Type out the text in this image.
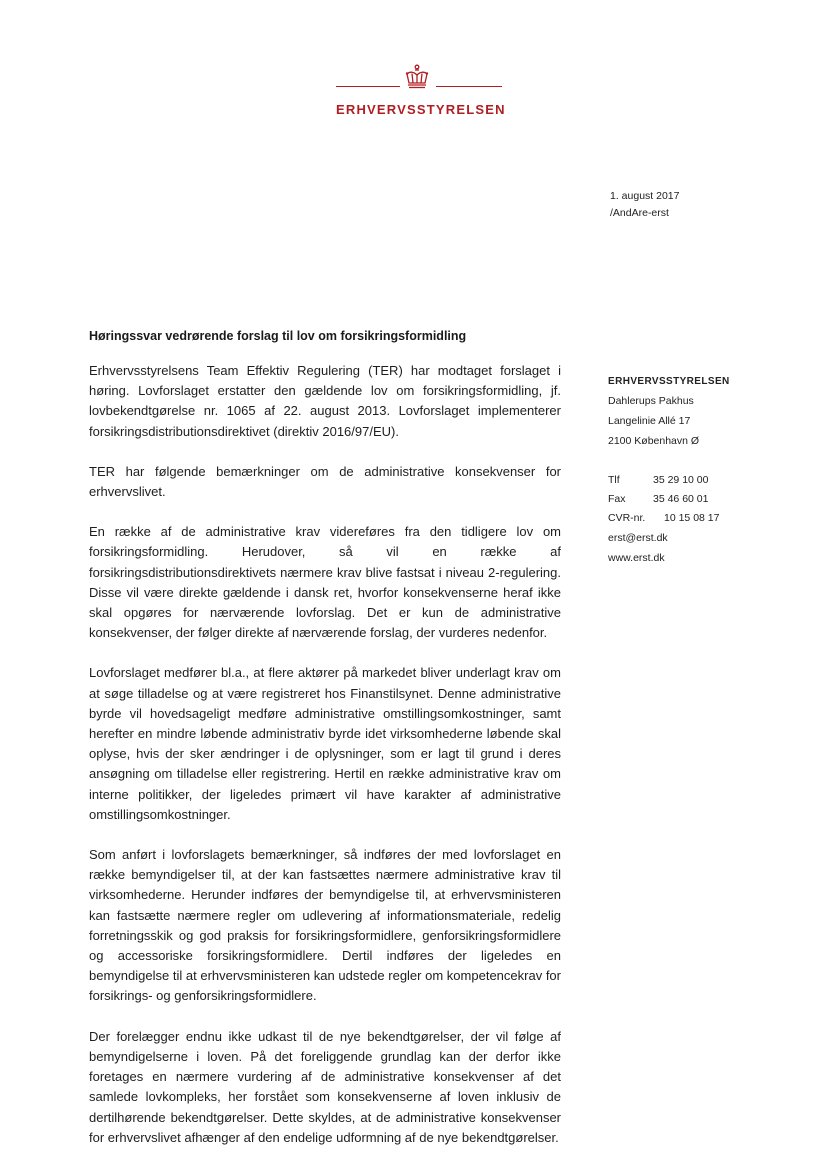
ERHVERVSSTYRELSEN
1. august 2017
/AndAre-erst
Høringssvar vedrørende forslag til lov om forsikringsformidling
ERHVERVSSTYRELSEN
Dahlerups Pakhus
Langelinie Allé 17
2100 København Ø
Tlf	35 29 10 00
Fax	35 46 60 01
CVR-nr.	10 15 08 17
erst@erst.dk
www.erst.dk

Erhvervsstyrelsens Team Effektiv Regulering (TER) har modtaget forslaget i høring. Lovforslaget erstatter den gældende lov om forsikringsformidling, jf. lovbekendtgørelse nr. 1065 af 22. august 2013. Lovforslaget implementerer forsikringsdistributionsdirektivet (direktiv 2016/97/EU).

TER har følgende bemærkninger om de administrative konsekvenser for erhvervslivet.

En række af de administrative krav videreføres fra den tidligere lov om forsikringsformidling. Herudover, så vil en række af forsikringsdistributionsdirektivets nærmere krav blive fastsat i niveau 2-regulering. Disse vil være direkte gældende i dansk ret, hvorfor konsekvenserne heraf ikke skal opgøres for nærværende lovforslag. Det er kun de administrative konsekvenser, der følger direkte af nærværende forslag, der vurderes nedenfor.

Lovforslaget medfører bl.a., at flere aktører på markedet bliver underlagt krav om at søge tilladelse og at være registreret hos Finanstilsynet. Denne administrative byrde vil hovedsageligt medføre administrative omstillingsomkostninger, samt herefter en mindre løbende administrativ byrde idet virksomhederne løbende skal oplyse, hvis der sker ændringer i de oplysninger, som er lagt til grund i deres ansøgning om tilladelse eller registrering. Hertil en række administrative krav om interne politikker, der ligeledes primært vil have karakter af administrative omstillingsomkostninger.

Som anført i lovforslagets bemærkninger, så indføres der med lovforslaget en række bemyndigelser til, at der kan fastsættes nærmere administrative krav til virksomhederne. Herunder indføres der bemyndigelse til, at erhvervsministeren kan fastsætte nærmere regler om udlevering af informationsmateriale, redelig forretningsskik og god praksis for forsikringsformidlere, genforsikringsformidlere og accessoriske forsikringsformidlere. Dertil indføres der ligeledes en bemyndigelse til at erhvervsministeren kan udstede regler om kompetencekrav for forsikrings- og genforsikringsformidlere.

Der forelægger endnu ikke udkast til de nye bekendtgørelser, der vil følge af bemyndigelserne i loven. På det foreliggende grundlag kan der derfor ikke foretages en nærmere vurdering af de administrative konsekvenser af det samlede lovkompleks, her forstået som konsekvenserne af loven inklusiv de dertilhørende bekendtgørelser. Dette skyldes, at de administrative konsekvenser for erhvervslivet afhænger af den endelige udformning af de nye bekendtgørelser.
